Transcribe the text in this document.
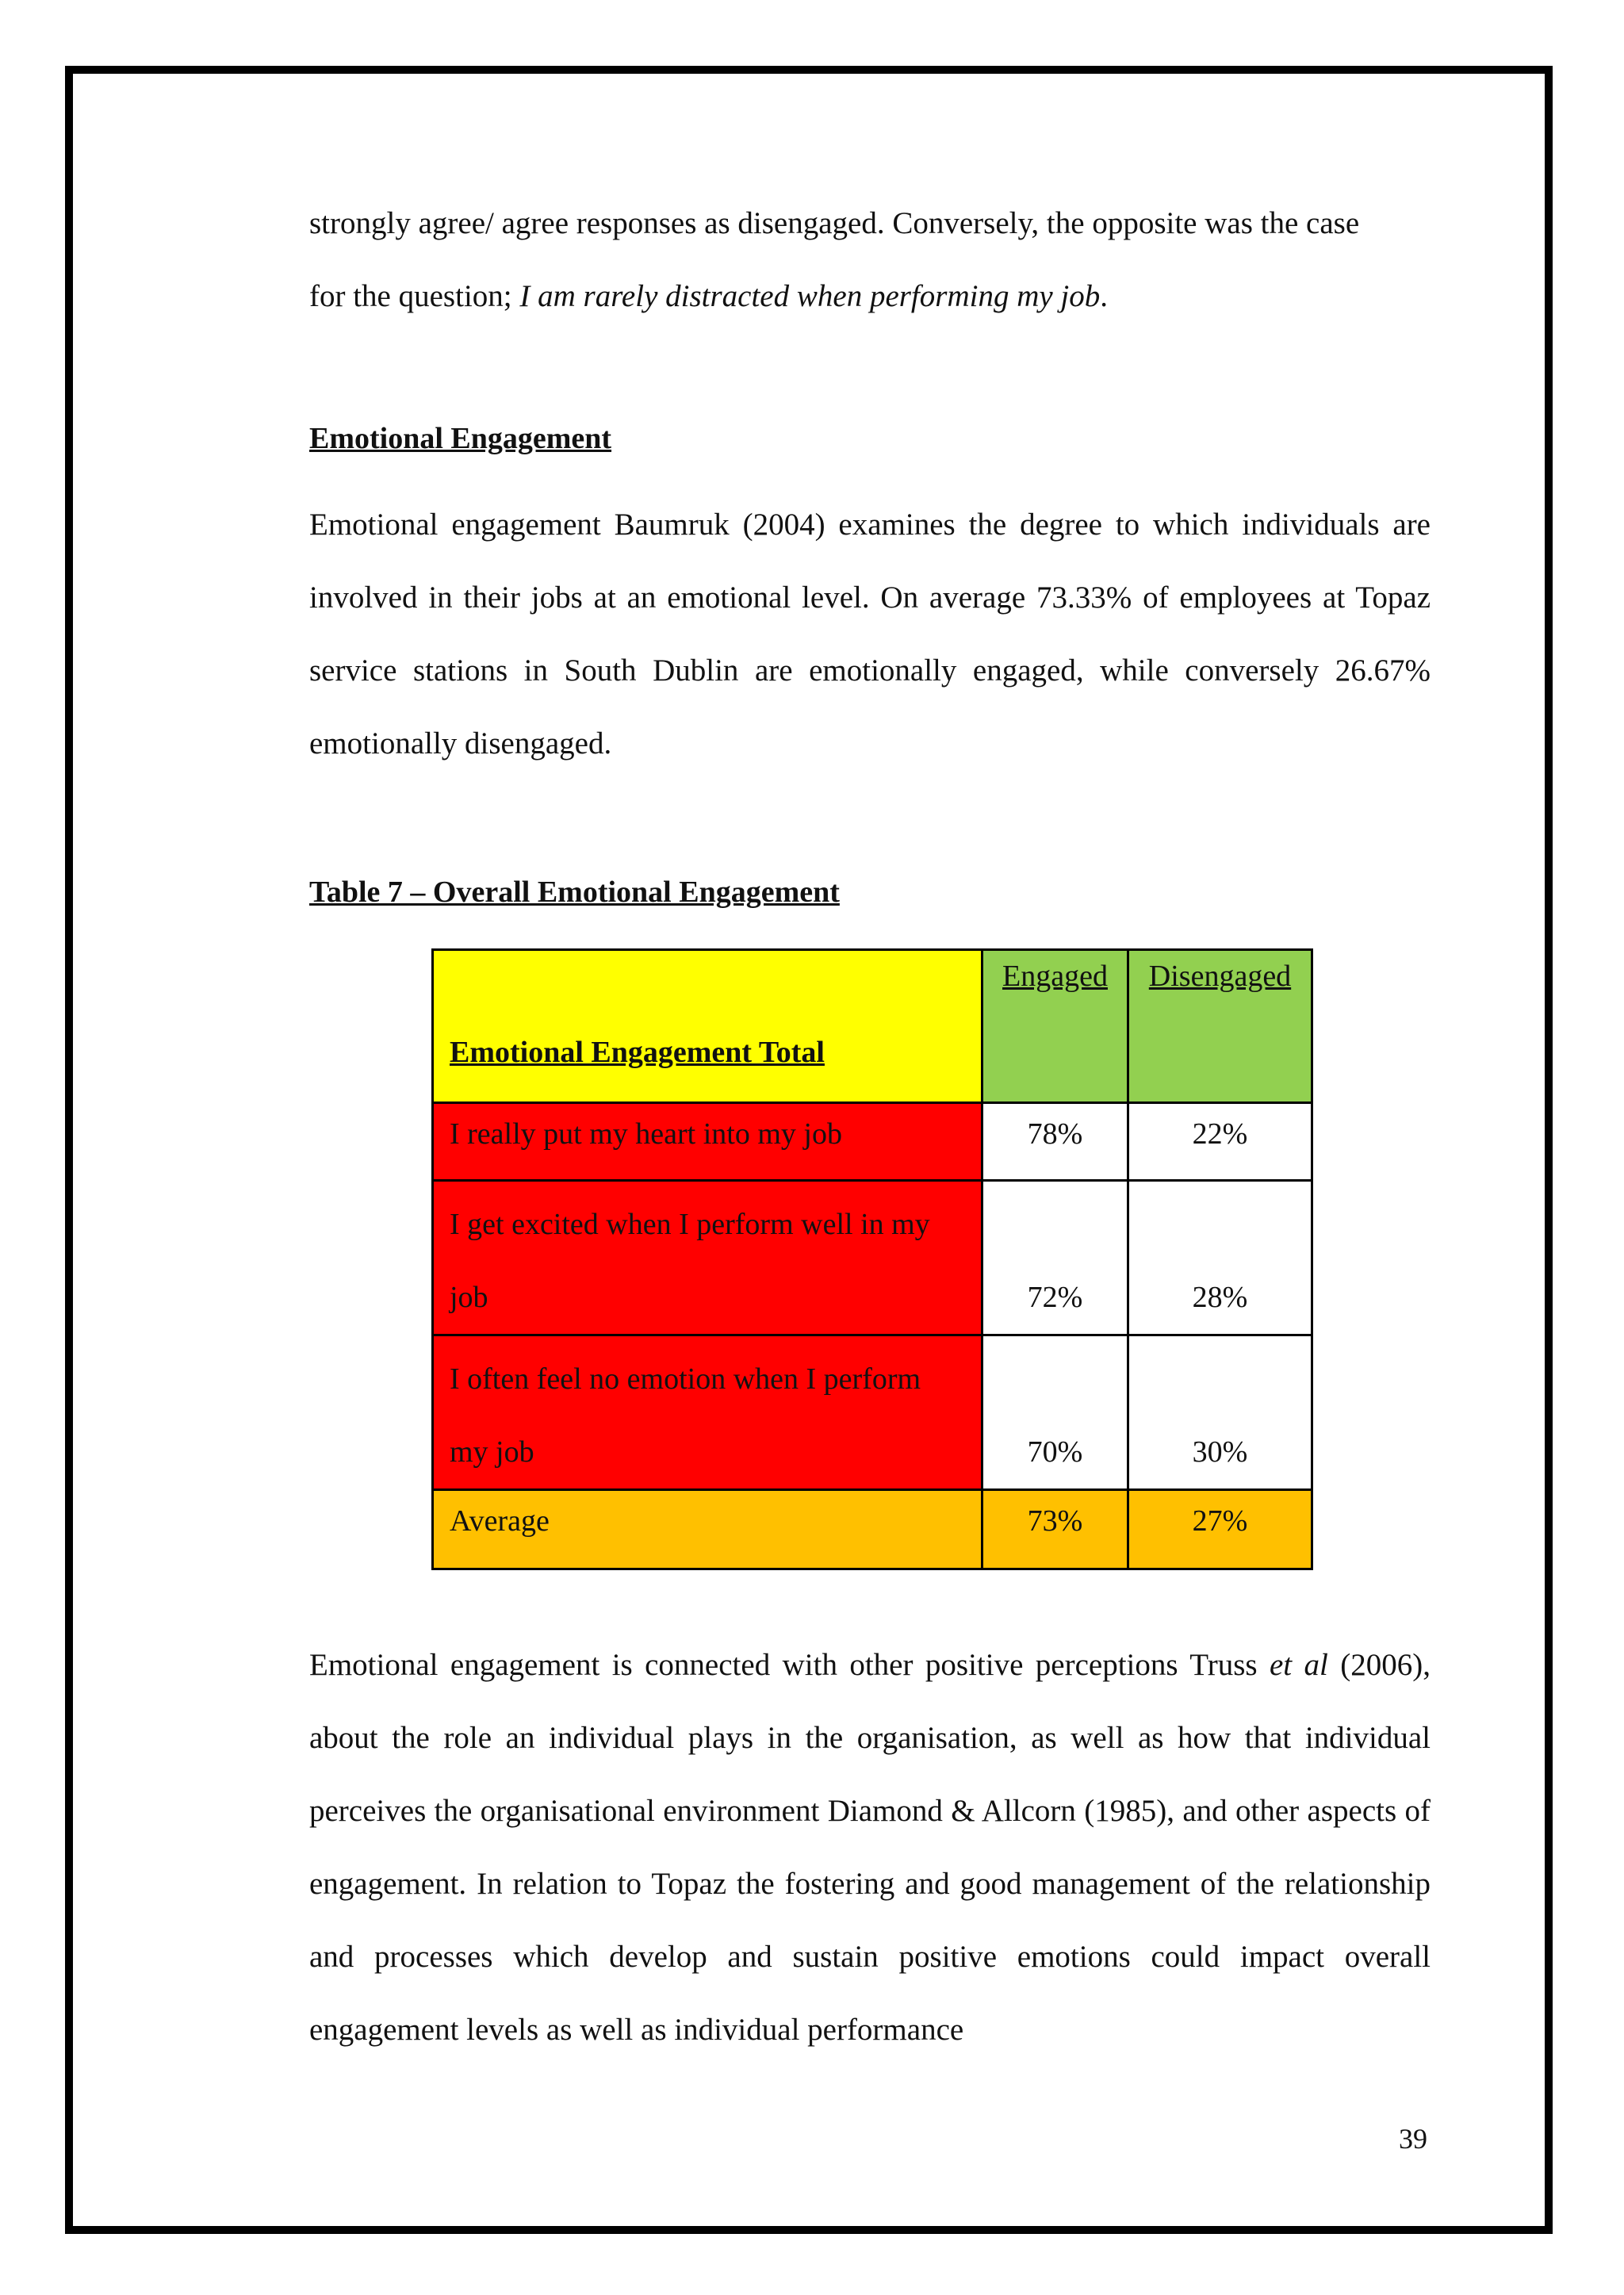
strongly agree/ agree responses as disengaged. Conversely, the opposite was the case
for the question; I am rarely distracted when performing my job.

Emotional Engagement

Emotional engagement Baumruk (2004) examines the degree to which individuals are involved in their jobs at an emotional level. On average 73.33% of employees at Topaz service stations in South Dublin are emotionally engaged, while conversely 26.67% emotionally disengaged.

Table 7 – Overall Emotional Engagement
Emotional Engagement Total	Engaged	Disengaged

I really put my heart into my job	78%	22%

I get excited when I perform well in my job	72%	28%

I often feel no emotion when I perform my job	70%	30%

Average	73%	27%

Emotional engagement is connected with other positive perceptions Truss et al (2006), about the role an individual plays in the organisation, as well as how that individual perceives the organisational environment Diamond & Allcorn (1985), and other aspects of engagement. In relation to Topaz the fostering and good management of the relationship and processes which develop and sustain positive emotions could impact overall engagement levels as well as individual performance

39
